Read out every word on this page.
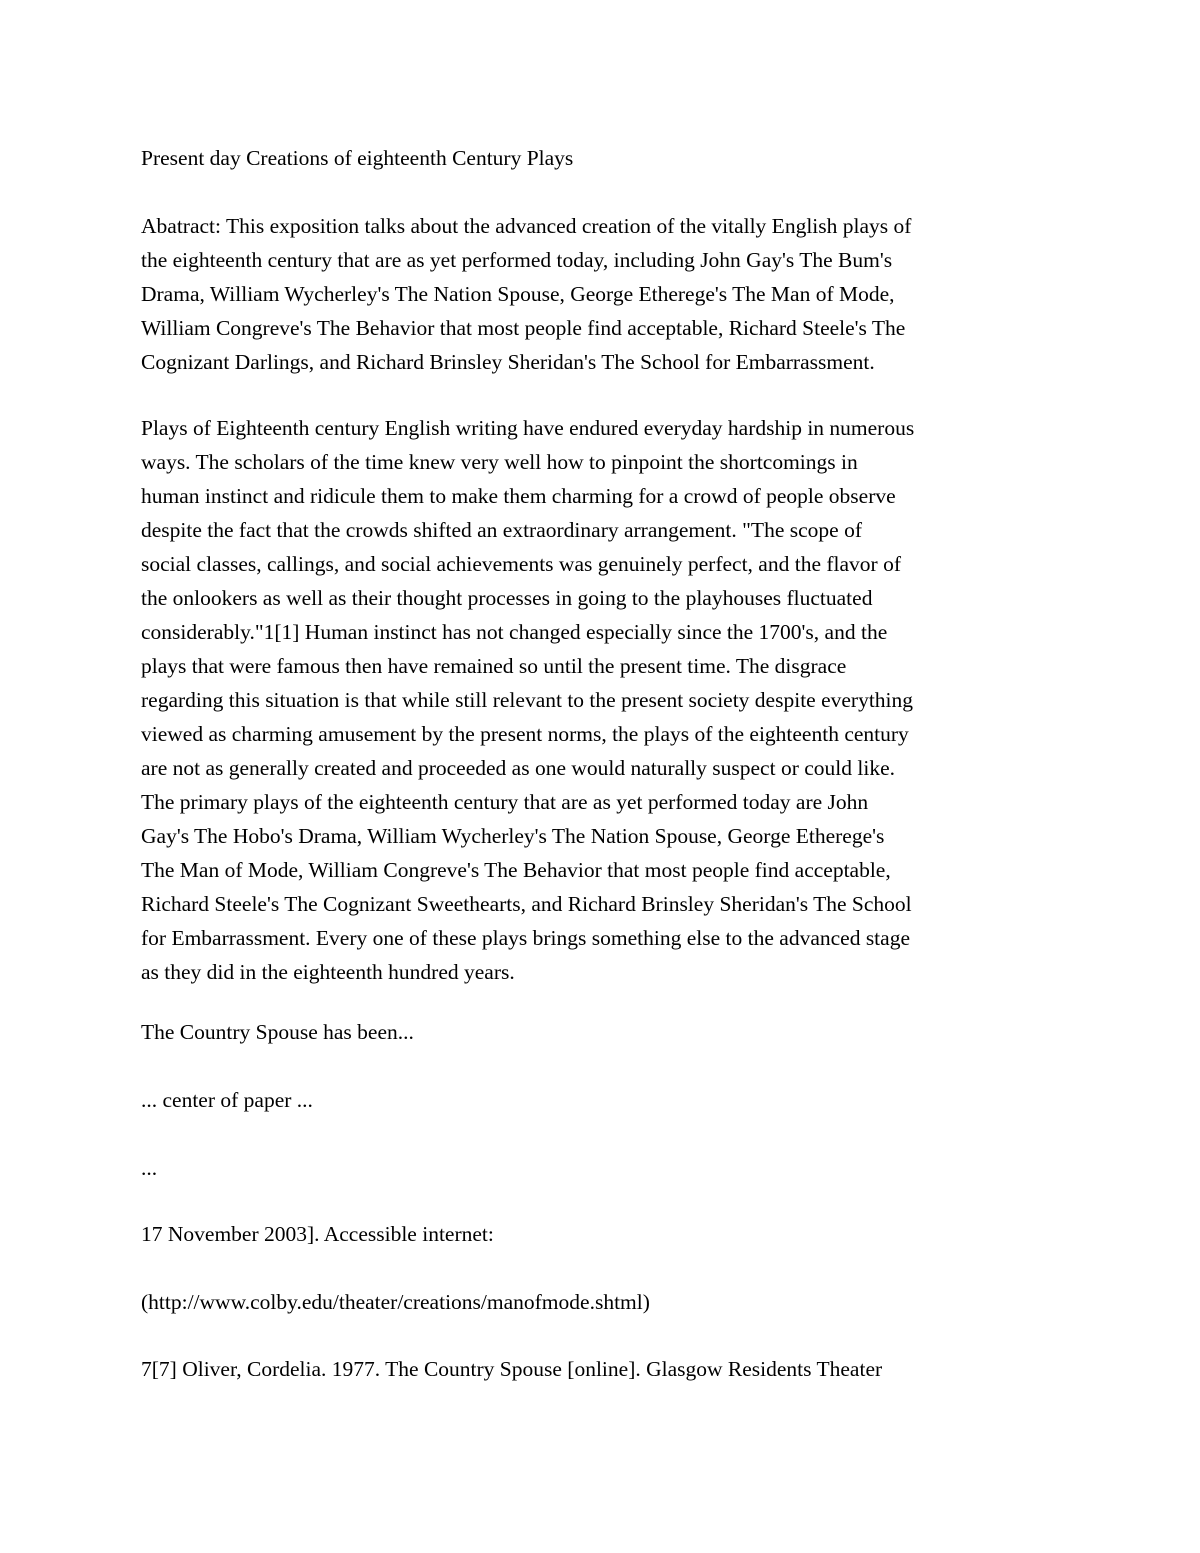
Present day Creations of eighteenth Century Plays

Abatract: This exposition talks about the advanced creation of the vitally English plays of
the eighteenth century that are as yet performed today, including John Gay's The Bum's
Drama, William Wycherley's The Nation Spouse, George Etherege's The Man of Mode,
William Congreve's The Behavior that most people find acceptable, Richard Steele's The
Cognizant Darlings, and Richard Brinsley Sheridan's The School for Embarrassment.
Plays of Eighteenth century English writing have endured everyday hardship in numerous
ways. The scholars of the time knew very well how to pinpoint the shortcomings in
human instinct and ridicule them to make them charming for a crowd of people observe
despite the fact that the crowds shifted an extraordinary arrangement. "The scope of
social classes, callings, and social achievements was genuinely perfect, and the flavor of
the onlookers as well as their thought processes in going to the playhouses fluctuated
considerably."1[1] Human instinct has not changed especially since the 1700's, and the
plays that were famous then have remained so until the present time. The disgrace
regarding this situation is that while still relevant to the present society despite everything
viewed as charming amusement by the present norms, the plays of the eighteenth century
are not as generally created and proceeded as one would naturally suspect or could like.
The primary plays of the eighteenth century that are as yet performed today are John
Gay's The Hobo's Drama, William Wycherley's The Nation Spouse, George Etherege's
The Man of Mode, William Congreve's The Behavior that most people find acceptable,
Richard Steele's The Cognizant Sweethearts, and Richard Brinsley Sheridan's The School
for Embarrassment. Every one of these plays brings something else to the advanced stage
as they did in the eighteenth hundred years.

The Country Spouse has been...

... center of paper ...

...

17 November 2003]. Accessible internet:

(http://www.colby.edu/theater/creations/manofmode.shtml)

7[7] Oliver, Cordelia. 1977. The Country Spouse [online]. Glasgow Residents Theater
